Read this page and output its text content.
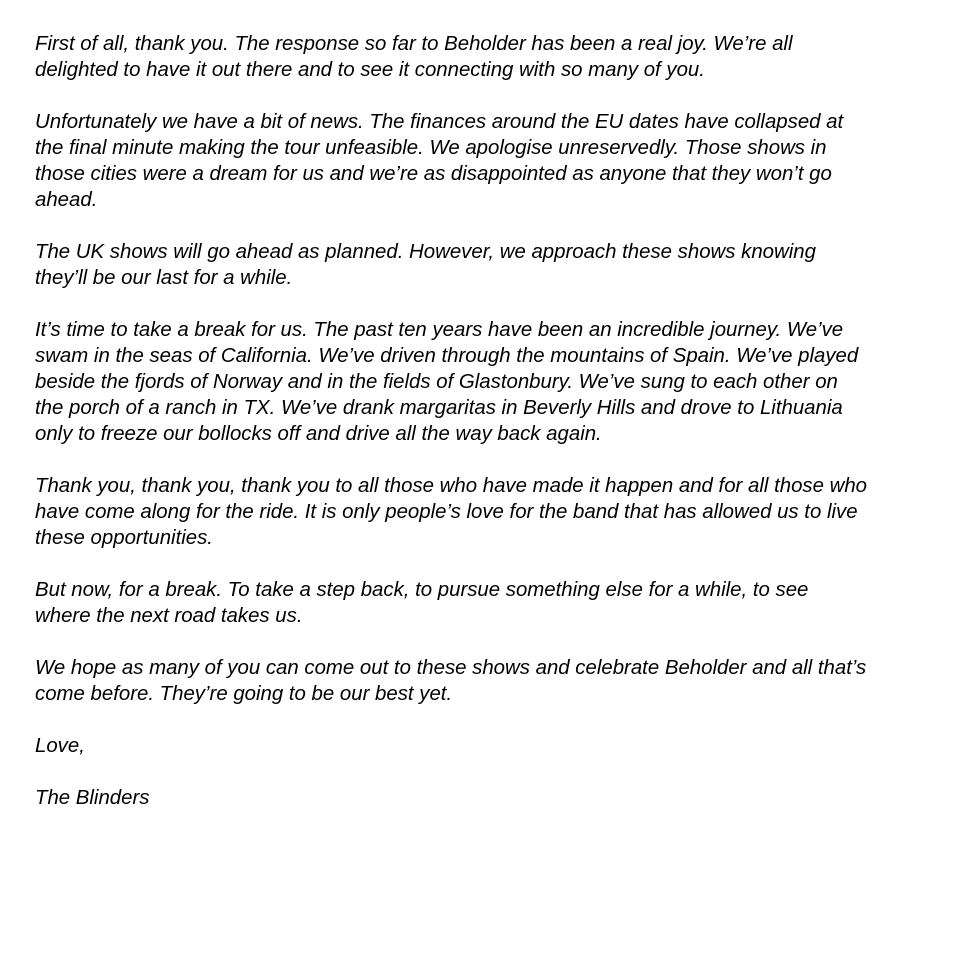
First of all, thank you. The response so far to Beholder has been a real joy. We’re all
delighted to have it out there and to see it connecting with so many of you.

Unfortunately we have a bit of news. The finances around the EU dates have collapsed at
the final minute making the tour unfeasible. We apologise unreservedly. Those shows in
those cities were a dream for us and we’re as disappointed as anyone that they won’t go
ahead.

The UK shows will go ahead as planned. However, we approach these shows knowing
they’ll be our last for a while.

It’s time to take a break for us. The past ten years have been an incredible journey. We’ve
swam in the seas of California. We’ve driven through the mountains of Spain. We’ve played
beside the fjords of Norway and in the fields of Glastonbury. We’ve sung to each other on
the porch of a ranch in TX. We’ve drank margaritas in Beverly Hills and drove to Lithuania
only to freeze our bollocks off and drive all the way back again.

Thank you, thank you, thank you to all those who have made it happen and for all those who
have come along for the ride. It is only people’s love for the band that has allowed us to live
these opportunities.

But now, for a break. To take a step back, to pursue something else for a while, to see
where the next road takes us.

We hope as many of you can come out to these shows and celebrate Beholder and all that’s
come before. They’re going to be our best yet.

Love,

The Blinders
